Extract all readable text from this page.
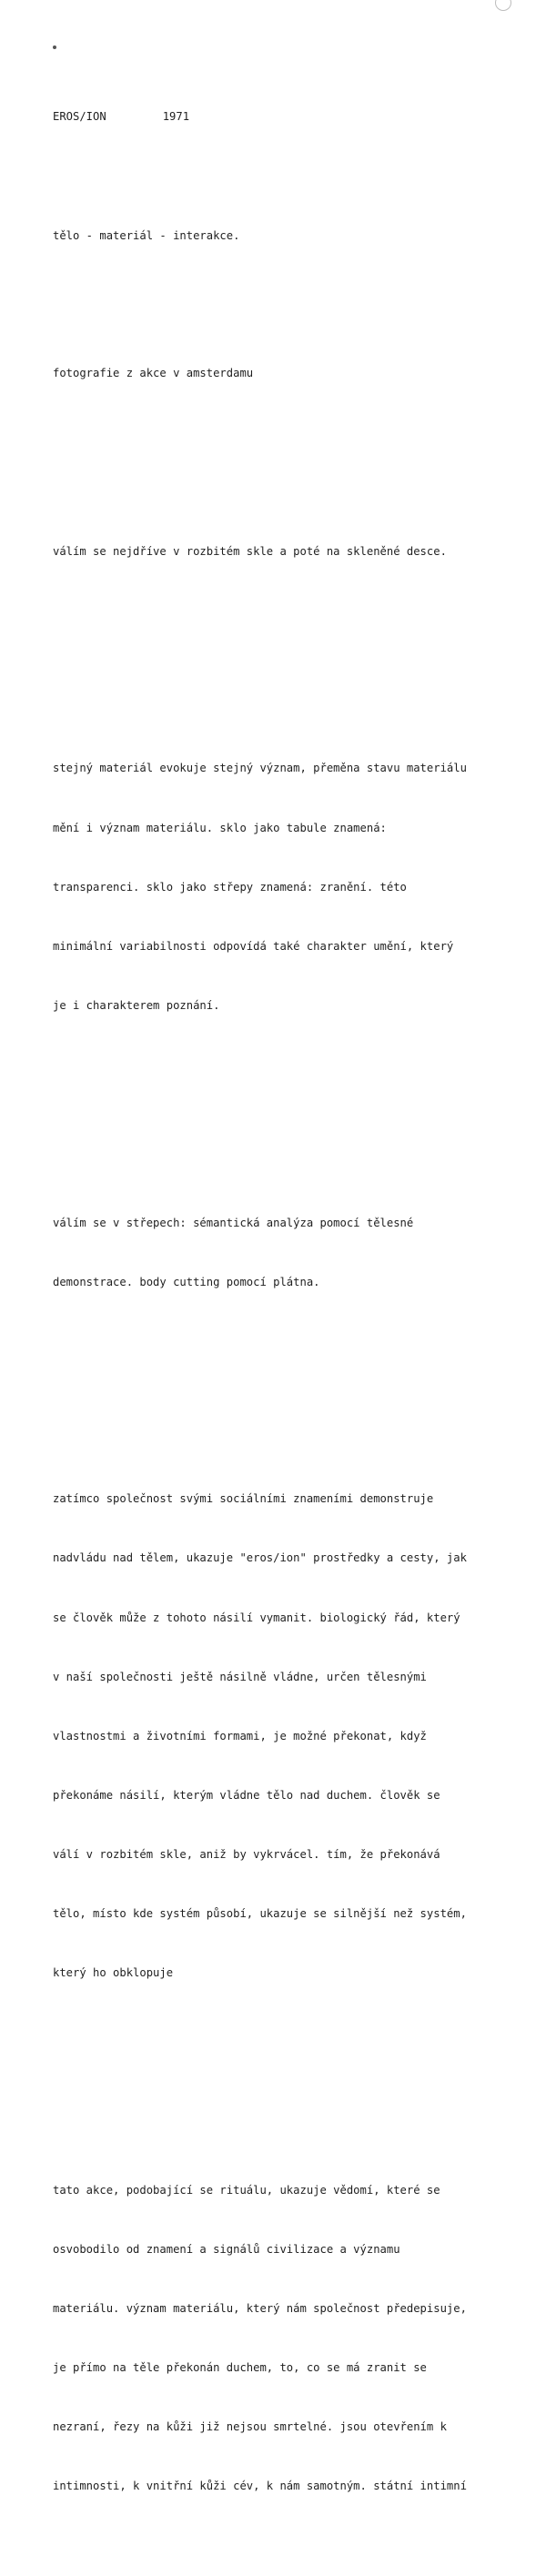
EROS/ION	1971

tělo - materiál - interakce.

fotografie z akce v amsterdamu

válím se nejdříve v rozbitém skle a poté na skleněné desce.

stejný materiál evokuje stejný význam, přeměna stavu materiálu

mění i význam materiálu. sklo jako tabule znamená:

transparenci. sklo jako střepy znamená: zranění. této

minimální variabilnosti odpovídá také charakter umění, který

je i charakterem poznání.

válím se v střepech: sémantická analýza pomocí tělesné

demonstrace. body cutting pomocí plátna.

zatímco společnost svými sociálními znameními demonstruje

nadvládu nad tělem, ukazuje "eros/ion" prostředky a cesty, jak

se člověk může z tohoto násilí vymanit. biologický řád, který

v naší společnosti ještě násilně vládne, určen tělesnými

vlastnostmi a životními formami, je možné překonat, když

překonáme násilí, kterým vládne tělo nad duchem. člověk se

válí v rozbitém skle, aniž by vykrvácel. tím, že překonává

tělo, místo kde systém působí, ukazuje se silnější než systém,

který ho obklopuje

tato akce, podobající se rituálu, ukazuje vědomí, které se

osvobodilo od znamení a signálů civilizace a významu

materiálu. význam materiálu, který nám společnost předepisuje,

je přímo na těle překonán duchem, to, co se má zranit se

nezraní, řezy na kůži již nejsou smrtelné. jsou otevřením k

intimnosti, k vnitřní kůži cév, k nám samotným. státní intimní
